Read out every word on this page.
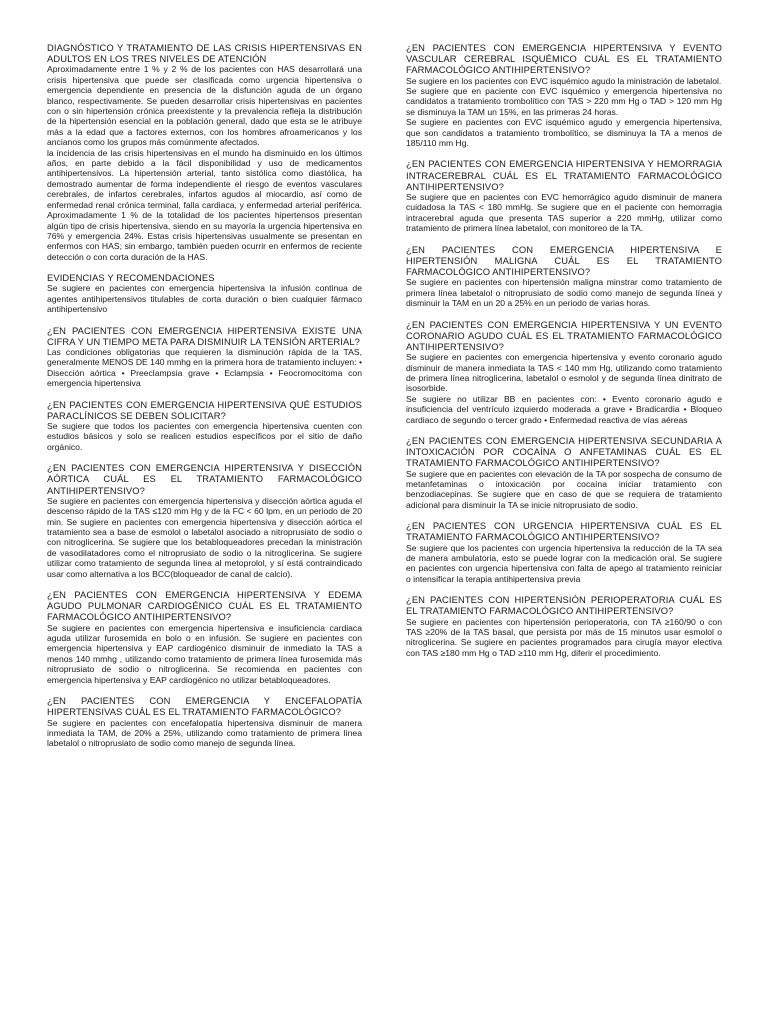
DIAGNÓSTICO Y TRATAMIENTO DE LAS CRISIS HIPERTENSIVAS EN ADULTOS EN LOS TRES NIVELES DE ATENCIÓN

Aproximadamente entre 1 % y 2 % de los pacientes con HAS desarrollará una crisis hipertensiva que puede ser clasificada como urgencia hipertensiva o emergencia dependiente en presencia de la disfunción aguda de un órgano blanco, respectivamente. Se pueden desarrollar crisis hipertensivas en pacientes con o sin hipertensión crónica preexistente y la prevalencia refleja la distribución de la hipertensión esencial en la población general, dado que esta se le atribuye más a la edad que a factores externos, con los hombres afroamericanos y los ancianos como los grupos más comúnmente afectados.

la incidencia de las crisis hipertensivas en el mundo ha disminuido en los últimos años, en parte debido a la fácil disponibilidad y uso de medicamentos antihipertensivos. La hipertensión arterial, tanto sistólica como diastólica, ha demostrado aumentar de forma independiente el riesgo de eventos vasculares cerebrales, de infartos cerebrales, infartos agudos al miocardio, así como de enfermedad renal crónica terminal, falla cardiaca, y enfermedad arterial periférica. Aproximadamente 1 % de la totalidad de los pacientes hipertensos presentan algún tipo de crisis hipertensiva, siendo en su mayoría la urgencia hipertensiva en 76% y emergencia 24%. Estas crisis hipertensivas usualmente se presentan en enfermos con HAS; sin embargo, también pueden ocurrir en enfermos de reciente detección o con corta duración de la HAS.

EVIDENCIAS Y RECOMENDACIONES

Se sugiere en pacientes con emergencia hipertensiva la infusión continua de agentes antihipertensivos titulables de corta duración o bien cualquier fármaco antihipertensivo

¿EN PACIENTES CON EMERGENCIA HIPERTENSIVA EXISTE UNA CIFRA Y UN TIEMPO META PARA DISMINUIR LA TENSIÓN ARTERIAL?

Las condiciones obligatorias que requieren la disminución rápida de la TAS, generalmente MENOS DE 140 mmhg en la primera hora de tratamiento incluyen: • Disección aórtica • Preeclampsia grave • Eclampsia • Feocromocitoma con emergencia hipertensiva

¿EN PACIENTES CON EMERGENCIA HIPERTENSIVA QUÉ ESTUDIOS PARACLÍNICOS SE DEBEN SOLICITAR?

Se sugiere que todos los pacientes con emergencia hipertensiva cuenten con estudios básicos y solo se realicen estudios específicos por el sitio de daño orgánico.

¿EN PACIENTES CON EMERGENCIA HIPERTENSIVA Y DISECCIÓN AÓRTICA CUÁL ES EL TRATAMIENTO FARMACOLÓGICO ANTIHIPERTENSIVO?

Se sugiere en pacientes con emergencia hipertensiva y disección aórtica aguda el descenso rápido de la TAS ≤120 mm Hg y de la FC < 60 lpm, en un periodo de 20 min. Se sugiere en pacientes con emergencia hipertensiva y disección aórtica el tratamiento sea a base de esmolol o labetalol asociado a nitroprusiato de sodio o con nitroglicerina. Se sugiere que los betabloqueadores precedan la ministración de vasodilatadores como el nitroprusiato de sodio o la nitroglicerina. Se sugiere utilizar como tratamiento de segunda línea al metoprolol, y sí está contraindicado usar como alternativa a los BCC(bloqueador de canal de calcio).

¿EN PACIENTES CON EMERGENCIA HIPERTENSIVA Y EDEMA AGUDO PULMONAR CARDIOGÉNICO CUÁL ES EL TRATAMIENTO FARMACOLÓGICO ANTIHIPERTENSIVO?

Se sugiere en pacientes con emergencia hipertensiva e insuficiencia cardiaca aguda utilizar furosemida en bolo o en infusión. Se sugiere en pacientes con emergencia hipertensiva y EAP cardiogénico disminuir de inmediato la TAS a menos 140 mmhg , utilizando como tratamiento de primera línea furosemida más nitroprusiato de sodio o nitroglicerina. Se recomienda en pacientes con emergencia hipertensiva y EAP cardiogénico no utilizar betabloqueadores.

¿EN PACIENTES CON EMERGENCIA Y ENCEFALOPATÍA HIPERTENSIVAS CUÁL ES EL TRATAMIENTO FARMACOLÓGICO?

Se sugiere en pacientes con encefalopatía hipertensiva disminuir de manera inmediata la TAM, de 20% a 25%, utilizando como tratamiento de primera línea labetalol o nitroprusiato de sodio como manejo de segunda línea.

¿EN PACIENTES CON EMERGENCIA HIPERTENSIVA Y EVENTO VASCULAR CEREBRAL ISQUÉMICO CUÁL ES EL TRATAMIENTO FARMACOLÓGICO ANTIHIPERTENSIVO?

Se sugiere en los pacientes con EVC isquémico agudo la ministración de labetalol.

Se sugiere que en paciente con EVC isquémico y emergencia hipertensiva no candidatos a tratamiento trombolítico con TAS > 220 mm Hg o TAD > 120 mm Hg se disminuya la TAM un 15%, en las primeras 24 horas.

Se sugiere en pacientes con EVC isquémico agudo y emergencia hipertensiva, que son candidatos a tratamiento trombolítico, se disminuya la TA a menos de 185/110 mm Hg.

¿EN PACIENTES CON EMERGENCIA HIPERTENSIVA Y HEMORRAGIA INTRACEREBRAL CUÁL ES EL TRATAMIENTO FARMACOLÓGICO ANTIHIPERTENSIVO?

Se sugiere que en pacientes con EVC hemorrágico agudo disminuir de manera cuidadosa la TAS < 180 mmHg. Se sugiere que en el paciente con hemorragia intracerebral aguda que presenta TAS superior a 220 mmHg, utilizar como tratamiento de primera línea labetalol, con monitoreo de la TA.

¿EN PACIENTES CON EMERGENCIA HIPERTENSIVA E HIPERTENSIÓN MALIGNA CUÁL ES EL TRATAMIENTO FARMACOLÓGICO ANTIHIPERTENSIVO?

Se sugiere en pacientes con hipertensión maligna minstrar como tratamiento de primera línea labetalol o nitroprusiato de sodio como manejo de segunda línea y disminuir la TAM en un 20 a 25% en un periodo de varias horas.

¿EN PACIENTES CON EMERGENCIA HIPERTENSIVA Y UN EVENTO CORONARIO AGUDO CUÁL ES EL TRATAMIENTO FARMACOLÓGICO ANTIHIPERTENSIVO?

Se sugiere en pacientes con emergencia hipertensiva y evento coronario agudo disminuir de manera inmediata la TAS < 140 mm Hg, utilizando como tratamiento de primera línea nitroglicerina, labetalol o esmolol y de segunda línea dinitrato de isosorbide.

Se sugiere no utilizar BB en pacientes con: • Evento coronario agudo e insuficiencia del ventrículo izquierdo moderada a grave • Bradicardia • Bloqueo cardiaco de segundo o tercer grado • Enfermedad reactiva de vías aéreas

¿EN PACIENTES CON EMERGENCIA HIPERTENSIVA SECUNDARIA A INTOXICACIÓN POR COCAÍNA O ANFETAMINAS CUÁL ES EL TRATAMIENTO FARMACOLÓGICO ANTIHIPERTENSIVO?

Se sugiere que en pacientes con elevación de la TA por sospecha de consumo de metanfetaminas o intoxicación por cocaína iniciar tratamiento con benzodiacepinas. Se sugiere que en caso de que se requiera de tratamiento adicional para disminuir la TA se inicie nitroprusiato de sodio.

¿EN PACIENTES CON URGENCIA HIPERTENSIVA CUÁL ES EL TRATAMIENTO FARMACOLÓGICO ANTIHIPERTENSIVO?

Se sugiere que los pacientes con urgencia hipertensiva la reducción de la TA sea de manera ambulatoria, esto se puede lograr con la medicación oral. Se sugiere en pacientes con urgencia hipertensiva con falta de apego al tratamiento reiniciar o intensificar la terapia antihipertensiva previa

¿EN PACIENTES CON HIPERTENSIÓN PERIOPERATORIA CUÁL ES EL TRATAMIENTO FARMACOLÓGICO ANTIHIPERTENSIVO?

Se sugiere en pacientes con hipertensión perioperatoria, con TA ≥160/90 o con TAS ≥20% de la TAS basal, que persista por más de 15 minutos usar esmolol o nitroglicerina. Se sugiere en pacientes programados para cirugía mayor electiva con TAS ≥180 mm Hg o TAD ≥110 mm Hg, diferir el procedimiento.
